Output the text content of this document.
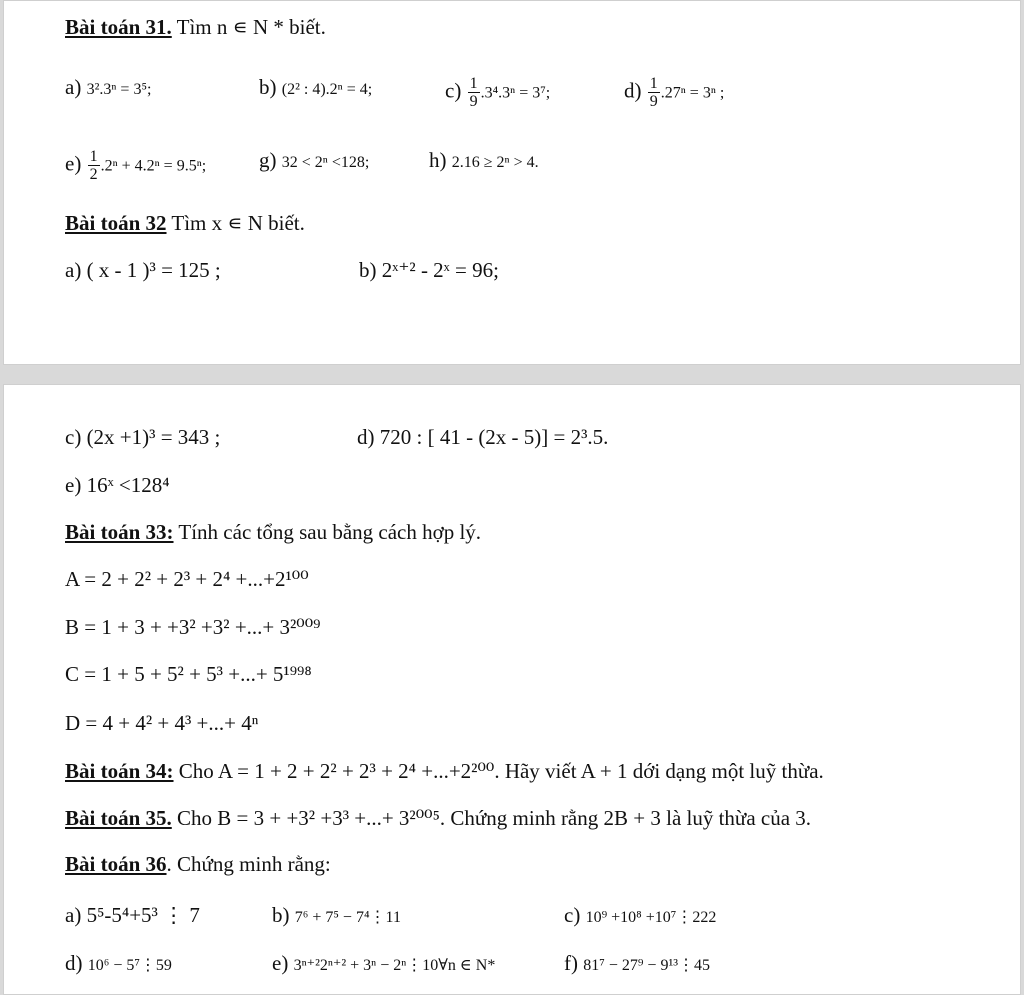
Bài toán 31. Tìm n ∊ N * biết.
a) 3².3ⁿ = 3⁵;	b) (2² : 4).2ⁿ = 4;	$c) \frac{1}{9} .3^4.3^n = 3^7$;	$d) \frac{1}{9} .27^n = 3^n$ ;
$e) \frac{1}{2} .2^n + 4.2^n = 9.5^n$;	g) 32 < 2ⁿ <128;	h) 2.16 ≥ 2ⁿ > 4.
Bài toán 32 Tìm x ∊ N biết.
a) ( x - 1 )³ = 125 ;	b) 2ˣ⁺² - 2ˣ = 96;
c) (2x +1)³ = 343 ;	d) 720 : [ 41 - (2x - 5)] = 2³.5.
e) 16ˣ <128⁴
Bài toán 33: Tính các tổng sau bằng cách hợp lý.
A = 2 + 2² + 2³ + 2⁴ +...+2¹⁰⁰
B = 1 + 3 + +3² +3² +...+ 3²⁰⁰⁹
C = 1 + 5 + 5² + 5³ +...+ 5¹⁹⁹⁸
D = 4 + 4² + 4³ +...+ 4ⁿ
Bài toán 34: Cho A = 1 + 2 + 2² + 2³ + 2⁴ +...+2²⁰⁰. Hãy viết A + 1 dới dạng một luỹ thừa.
Bài toán 35. Cho B = 3 + +3² +3³ +...+ 3²⁰⁰⁵. Chứng minh rằng 2B + 3 là luỹ thừa của 3.
Bài toán 36. Chứng minh rằng:
a) 5⁵-5⁴+5³ ⋮ 7	b) 7⁶ + 7⁵ − 7⁴⋮11	c) 10⁹ +10⁸ +10⁷⋮222
d) 10⁶ − 5⁷⋮59	e) 3ⁿ⁺²2ⁿ⁺² + 3ⁿ − 2ⁿ⋮10∀n ∈ N*	f) 81⁷ − 27⁹ − 9¹³⋮45
